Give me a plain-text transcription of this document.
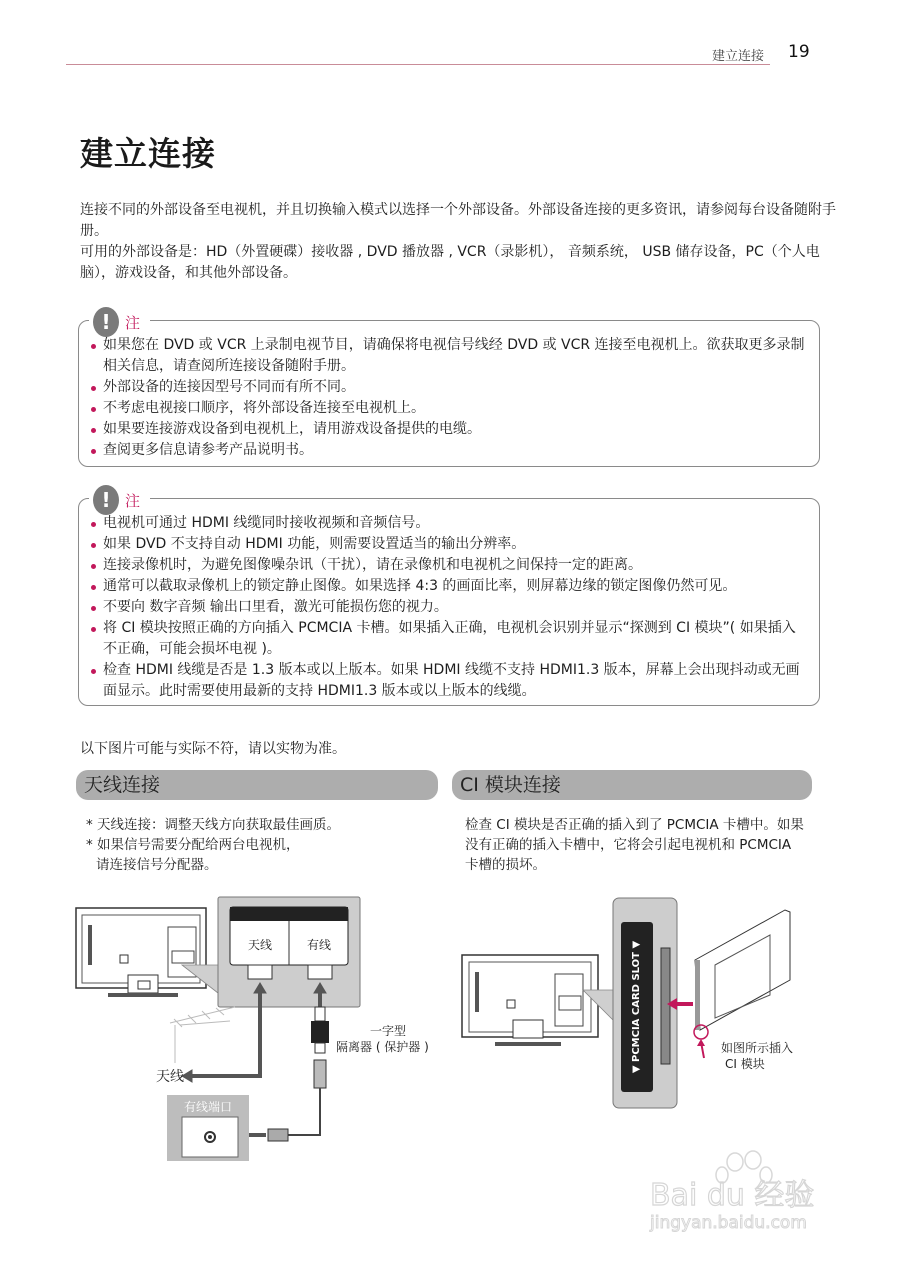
建立连接 19
建立连接

连接不同的外部设备至电视机，并且切换输入模式以选择一个外部设备。外部设备连接的更多资讯，请参阅每台设备随附手册。

可用的外部设备是：HD（外置硬碟）接收器 , DVD 播放器 , VCR（录影机）， 音频系统， USB 储存设备，PC（个人电脑），游戏设备，和其他外部设备。

! 注
如果您在 DVD 或 VCR 上录制电视节目，请确保将电视信号线经 DVD 或 VCR 连接至电视机上。欲获取更多录制相关信息，请查阅所连接设备随附手册。
外部设备的连接因型号不同而有所不同。
不考虑电视接口顺序，将外部设备连接至电视机上。
如果要连接游戏设备到电视机上，请用游戏设备提供的电缆。
查阅更多信息请参考产品说明书。
! 注
电视机可通过 HDMI 线缆同时接收视频和音频信号。
如果 DVD 不支持自动 HDMI 功能，则需要设置适当的输出分辨率。
连接录像机时，为避免图像噪杂讯（干扰），请在录像机和电视机之间保持一定的距离。
通常可以截取录像机上的锁定静止图像。如果选择 4:3 的画面比率，则屏幕边缘的锁定图像仍然可见。
不要向 数字音频 输出口里看，激光可能损伤您的视力。
将 CI 模块按照正确的方向插入 PCMCIA 卡槽。如果插入正确，电视机会识别并显示“探测到 CI 模块”( 如果插入不正确，可能会损坏电视 )。
检查 HDMI 线缆是否是 1.3 版本或以上版本。如果 HDMI 线缆不支持 HDMI1.3 版本，屏幕上会出现抖动或无画面显示。此时需要使用最新的支持 HDMI1.3 版本或以上版本的线缆。
以下图片可能与实际不符，请以实物为准。
天线连接	CI 模块连接
* 天线连接：调整天线方向获取最佳画质。
* 如果信号需要分配给两台电视机，
请连接信号分配器。
检查 CI 模块是否正确的插入到了 PCMCIA 卡槽中。如果没有正确的插入卡槽中，它将会引起电视机和 PCMCIA 卡槽的损坏。
天线	有线
一字型
隔离器 ( 保护器 )
天线
有线端口
▼ PCMCIA CARD SLOT ▼	如图所示插入
CI 模块
Bai du 经验
jingyan.baidu.com
